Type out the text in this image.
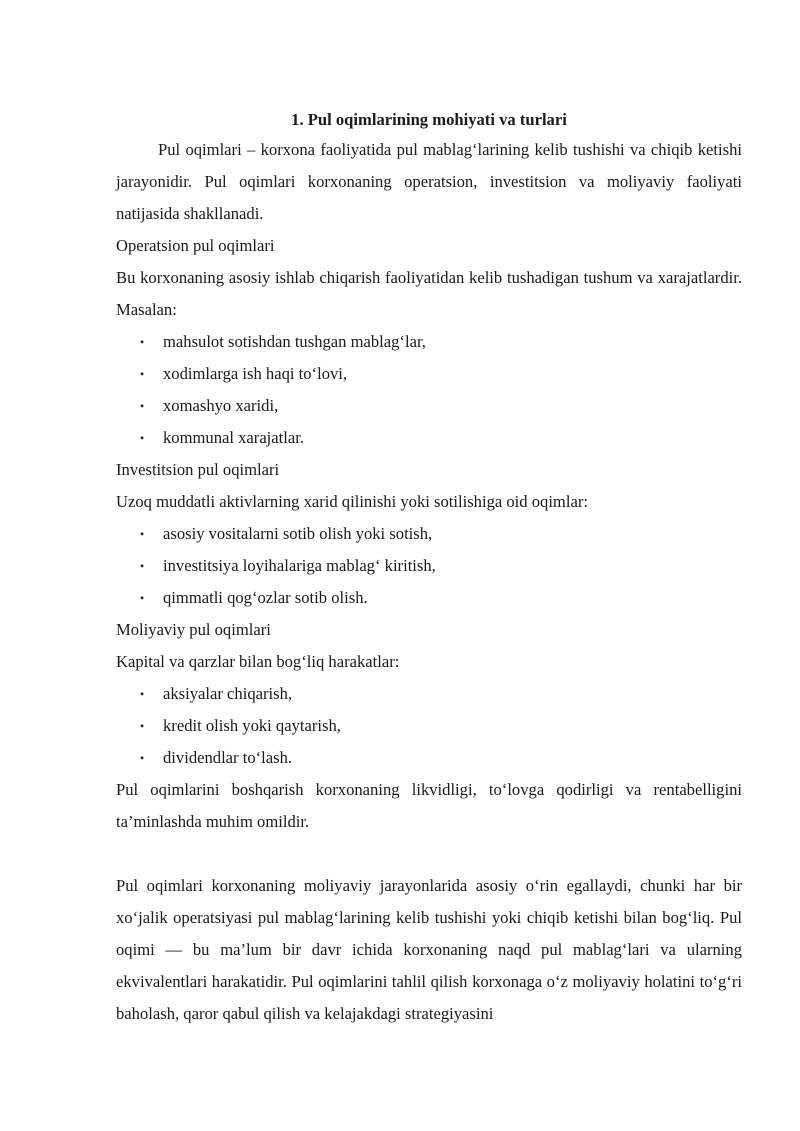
1. Pul oqimlarining mohiyati va turlari

Pul oqimlari – korxona faoliyatida pul mablag‘larining kelib tushishi va chiqib ketishi jarayonidir. Pul oqimlari korxonaning operatsion, investitsion va moliyaviy faoliyati natijasida shakllanadi.

Operatsion pul oqimlari

Bu korxonaning asosiy ishlab chiqarish faoliyatidan kelib tushadigan tushum va xarajatlardir. Masalan:

• mahsulot sotishdan tushgan mablag‘lar,
• xodimlarga ish haqi to‘lovi,
• xomashyo xaridi,
• kommunal xarajatlar.
Investitsion pul oqimlari

Uzoq muddatli aktivlarning xarid qilinishi yoki sotilishiga oid oqimlar:

• asosiy vositalarni sotib olish yoki sotish,
• investitsiya loyihalariga mablag‘ kiritish,
• qimmatli qog‘ozlar sotib olish.
Moliyaviy pul oqimlari

Kapital va qarzlar bilan bog‘liq harakatlar:

• aksiyalar chiqarish,
• kredit olish yoki qaytarish,
• dividendlar to‘lash.

Pul oqimlarini boshqarish korxonaning likvidligi, to‘lovga qodirligi va rentabelligini ta’minlashda muhim omildir.

Pul oqimlari korxonaning moliyaviy jarayonlarida asosiy o‘rin egallaydi, chunki har bir xo‘jalik operatsiyasi pul mablag‘larining kelib tushishi yoki chiqib ketishi bilan bog‘liq. Pul oqimi — bu ma’lum bir davr ichida korxonaning naqd pul mablag‘lari va ularning ekvivalentlari harakatidir. Pul oqimlarini tahlil qilish korxonaga o‘z moliyaviy holatini to‘g‘ri baholash, qaror qabul qilish va kelajakdagi strategiyasini
